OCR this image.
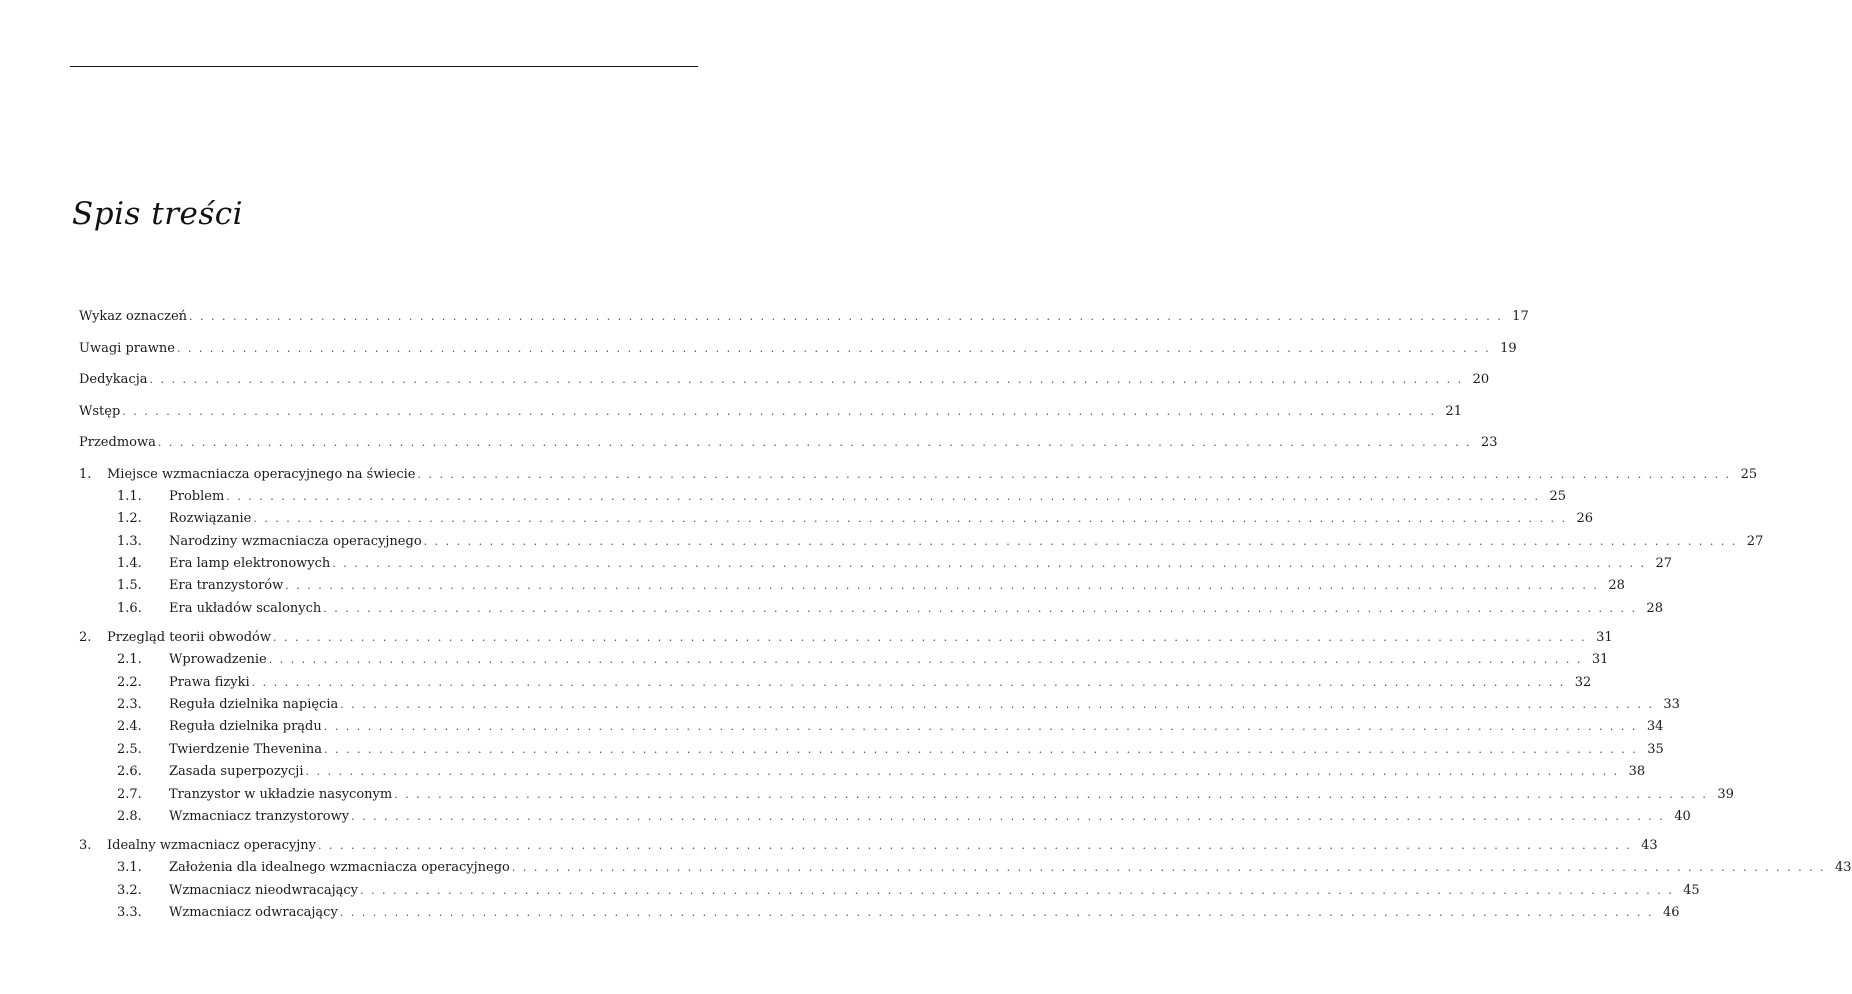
Spis treści
Wykaz oznaczeń . . . . . . . . . . . . . . . . . . . . . . . . . . . . . . . . . . . . . . . . . . . . . . . . . . . . . . . . . . . . . . . . . . . . . . . . . . . . . . . . . . . . . . . . . . . . . . . . . . . . . . . . . . . . . . . . . . . . . . . . 17
Uwagi prawne . . . . . . . . . . . . . . . . . . . . . . . . . . . . . . . . . . . . . . . . . . . . . . . . . . . . . . . . . . . . . . . . . . . . . . . . . . . . . . . . . . . . . . . . . . . . . . . . . . . . . . . . . . . . . . . . . . . . . . . . 19
Dedykacja . . . . . . . . . . . . . . . . . . . . . . . . . . . . . . . . . . . . . . . . . . . . . . . . . . . . . . . . . . . . . . . . . . . . . . . . . . . . . . . . . . . . . . . . . . . . . . . . . . . . . . . . . . . . . . . . . . . . . . . . 20
Wstęp . . . . . . . . . . . . . . . . . . . . . . . . . . . . . . . . . . . . . . . . . . . . . . . . . . . . . . . . . . . . . . . . . . . . . . . . . . . . . . . . . . . . . . . . . . . . . . . . . . . . . . . . . . . . . . . . . . . . . . . . 21
Przedmowa . . . . . . . . . . . . . . . . . . . . . . . . . . . . . . . . . . . . . . . . . . . . . . . . . . . . . . . . . . . . . . . . . . . . . . . . . . . . . . . . . . . . . . . . . . . . . . . . . . . . . . . . . . . . . . . . . . . . . . . . 23
1.	Miejsce wzmacniacza operacyjnego na świecie . . . . . . . . . . . . . . . . . . . . . . . . . . . . . . . . . . . . . . . . . . . . . . . . . . . . . . . . . . . . . . . . . . . . . . . . . . . . . . . . . . . . . . . . . . . . . . . . . . . . . . . . . . . . . . . . . . . . . . . . 25
1.1.	Problem . . . . . . . . . . . . . . . . . . . . . . . . . . . . . . . . . . . . . . . . . . . . . . . . . . . . . . . . . . . . . . . . . . . . . . . . . . . . . . . . . . . . . . . . . . . . . . . . . . . . . . . . . . . . . . . . . . . . . . . . 25
1.2.	Rozwiązanie . . . . . . . . . . . . . . . . . . . . . . . . . . . . . . . . . . . . . . . . . . . . . . . . . . . . . . . . . . . . . . . . . . . . . . . . . . . . . . . . . . . . . . . . . . . . . . . . . . . . . . . . . . . . . . . . . . . . . . . . 26
1.3.	Narodziny wzmacniacza operacyjnego . . . . . . . . . . . . . . . . . . . . . . . . . . . . . . . . . . . . . . . . . . . . . . . . . . . . . . . . . . . . . . . . . . . . . . . . . . . . . . . . . . . . . . . . . . . . . . . . . . . . . . . . . . . . . . . . . . . . . . . . 27
1.4.	Era lamp elektronowych . . . . . . . . . . . . . . . . . . . . . . . . . . . . . . . . . . . . . . . . . . . . . . . . . . . . . . . . . . . . . . . . . . . . . . . . . . . . . . . . . . . . . . . . . . . . . . . . . . . . . . . . . . . . . . . . . . . . . . . . 27
1.5.	Era tranzystorów . . . . . . . . . . . . . . . . . . . . . . . . . . . . . . . . . . . . . . . . . . . . . . . . . . . . . . . . . . . . . . . . . . . . . . . . . . . . . . . . . . . . . . . . . . . . . . . . . . . . . . . . . . . . . . . . . . . . . . . . 28
1.6.	Era układów scalonych . . . . . . . . . . . . . . . . . . . . . . . . . . . . . . . . . . . . . . . . . . . . . . . . . . . . . . . . . . . . . . . . . . . . . . . . . . . . . . . . . . . . . . . . . . . . . . . . . . . . . . . . . . . . . . . . . . . . . . . . 28
2.	Przegląd teorii obwodów . . . . . . . . . . . . . . . . . . . . . . . . . . . . . . . . . . . . . . . . . . . . . . . . . . . . . . . . . . . . . . . . . . . . . . . . . . . . . . . . . . . . . . . . . . . . . . . . . . . . . . . . . . . . . . . . . . . . . . . . 31
2.1.	Wprowadzenie . . . . . . . . . . . . . . . . . . . . . . . . . . . . . . . . . . . . . . . . . . . . . . . . . . . . . . . . . . . . . . . . . . . . . . . . . . . . . . . . . . . . . . . . . . . . . . . . . . . . . . . . . . . . . . . . . . . . . . . . 31
2.2.	Prawa fizyki . . . . . . . . . . . . . . . . . . . . . . . . . . . . . . . . . . . . . . . . . . . . . . . . . . . . . . . . . . . . . . . . . . . . . . . . . . . . . . . . . . . . . . . . . . . . . . . . . . . . . . . . . . . . . . . . . . . . . . . . 32
2.3.	Reguła dzielnika napięcia . . . . . . . . . . . . . . . . . . . . . . . . . . . . . . . . . . . . . . . . . . . . . . . . . . . . . . . . . . . . . . . . . . . . . . . . . . . . . . . . . . . . . . . . . . . . . . . . . . . . . . . . . . . . . . . . . . . . . . . . 33
2.4.	Reguła dzielnika prądu . . . . . . . . . . . . . . . . . . . . . . . . . . . . . . . . . . . . . . . . . . . . . . . . . . . . . . . . . . . . . . . . . . . . . . . . . . . . . . . . . . . . . . . . . . . . . . . . . . . . . . . . . . . . . . . . . . . . . . . . 34
2.5.	Twierdzenie Thevenina . . . . . . . . . . . . . . . . . . . . . . . . . . . . . . . . . . . . . . . . . . . . . . . . . . . . . . . . . . . . . . . . . . . . . . . . . . . . . . . . . . . . . . . . . . . . . . . . . . . . . . . . . . . . . . . . . . . . . . . . 35
2.6.	Zasada superpozycji . . . . . . . . . . . . . . . . . . . . . . . . . . . . . . . . . . . . . . . . . . . . . . . . . . . . . . . . . . . . . . . . . . . . . . . . . . . . . . . . . . . . . . . . . . . . . . . . . . . . . . . . . . . . . . . . . . . . . . . . 38
2.7.	Tranzystor w układzie nasyconym . . . . . . . . . . . . . . . . . . . . . . . . . . . . . . . . . . . . . . . . . . . . . . . . . . . . . . . . . . . . . . . . . . . . . . . . . . . . . . . . . . . . . . . . . . . . . . . . . . . . . . . . . . . . . . . . . . . . . . . . 39
2.8.	Wzmacniacz tranzystorowy . . . . . . . . . . . . . . . . . . . . . . . . . . . . . . . . . . . . . . . . . . . . . . . . . . . . . . . . . . . . . . . . . . . . . . . . . . . . . . . . . . . . . . . . . . . . . . . . . . . . . . . . . . . . . . . . . . . . . . . . 40
3.	Idealny wzmacniacz operacyjny . . . . . . . . . . . . . . . . . . . . . . . . . . . . . . . . . . . . . . . . . . . . . . . . . . . . . . . . . . . . . . . . . . . . . . . . . . . . . . . . . . . . . . . . . . . . . . . . . . . . . . . . . . . . . . . . . . . . . . . . 43
3.1.	Założenia dla idealnego wzmacniacza operacyjnego . . . . . . . . . . . . . . . . . . . . . . . . . . . . . . . . . . . . . . . . . . . . . . . . . . . . . . . . . . . . . . . . . . . . . . . . . . . . . . . . . . . . . . . . . . . . . . . . . . . . . . . . . . . . . . . . . . . . . . . . 43
3.2.	Wzmacniacz nieodwracający . . . . . . . . . . . . . . . . . . . . . . . . . . . . . . . . . . . . . . . . . . . . . . . . . . . . . . . . . . . . . . . . . . . . . . . . . . . . . . . . . . . . . . . . . . . . . . . . . . . . . . . . . . . . . . . . . . . . . . . . 45
3.3.	Wzmacniacz odwracający . . . . . . . . . . . . . . . . . . . . . . . . . . . . . . . . . . . . . . . . . . . . . . . . . . . . . . . . . . . . . . . . . . . . . . . . . . . . . . . . . . . . . . . . . . . . . . . . . . . . . . . . . . . . . . . . . . . . . . . . 46
